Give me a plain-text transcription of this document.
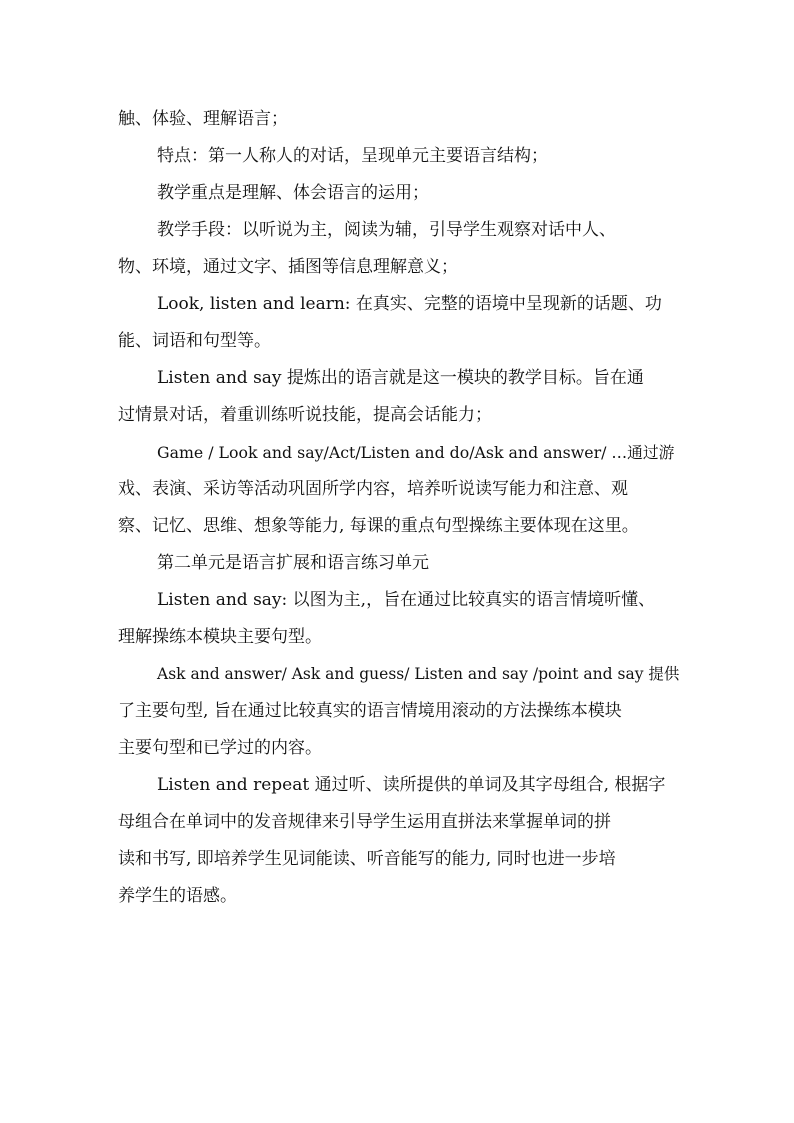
触、体验、理解语言；
特点：第一人称人的对话，呈现单元主要语言结构；
教学重点是理解、体会语言的运用；
教学手段：以听说为主，阅读为辅，引导学生观察对话中人、
物、环境，通过文字、插图等信息理解意义；
Look, listen and learn: 在真实、完整的语境中呈现新的话题、功
能、词语和句型等。
Listen and say 提炼出的语言就是这一模块的教学目标。旨在通
过情景对话，着重训练听说技能，提高会话能力；
Game / Look and say/Act/Listen and do/Ask and answer/ …通过游
戏、表演、采访等活动巩固所学内容，培养听说读写能力和注意、观
察、记忆、思维、想象等能力, 每课的重点句型操练主要体现在这里。
第二单元是语言扩展和语言练习单元
Listen and say: 以图为主,，旨在通过比较真实的语言情境听懂、
理解操练本模块主要句型。
Ask and answer/ Ask and guess/ Listen and say /point and say 提供
了主要句型, 旨在通过比较真实的语言情境用滚动的方法操练本模块
主要句型和已学过的内容。
Listen and repeat 通过听、读所提供的单词及其字母组合, 根据字
母组合在单词中的发音规律来引导学生运用直拼法来掌握单词的拼
读和书写, 即培养学生见词能读、听音能写的能力, 同时也进一步培
养学生的语感。
